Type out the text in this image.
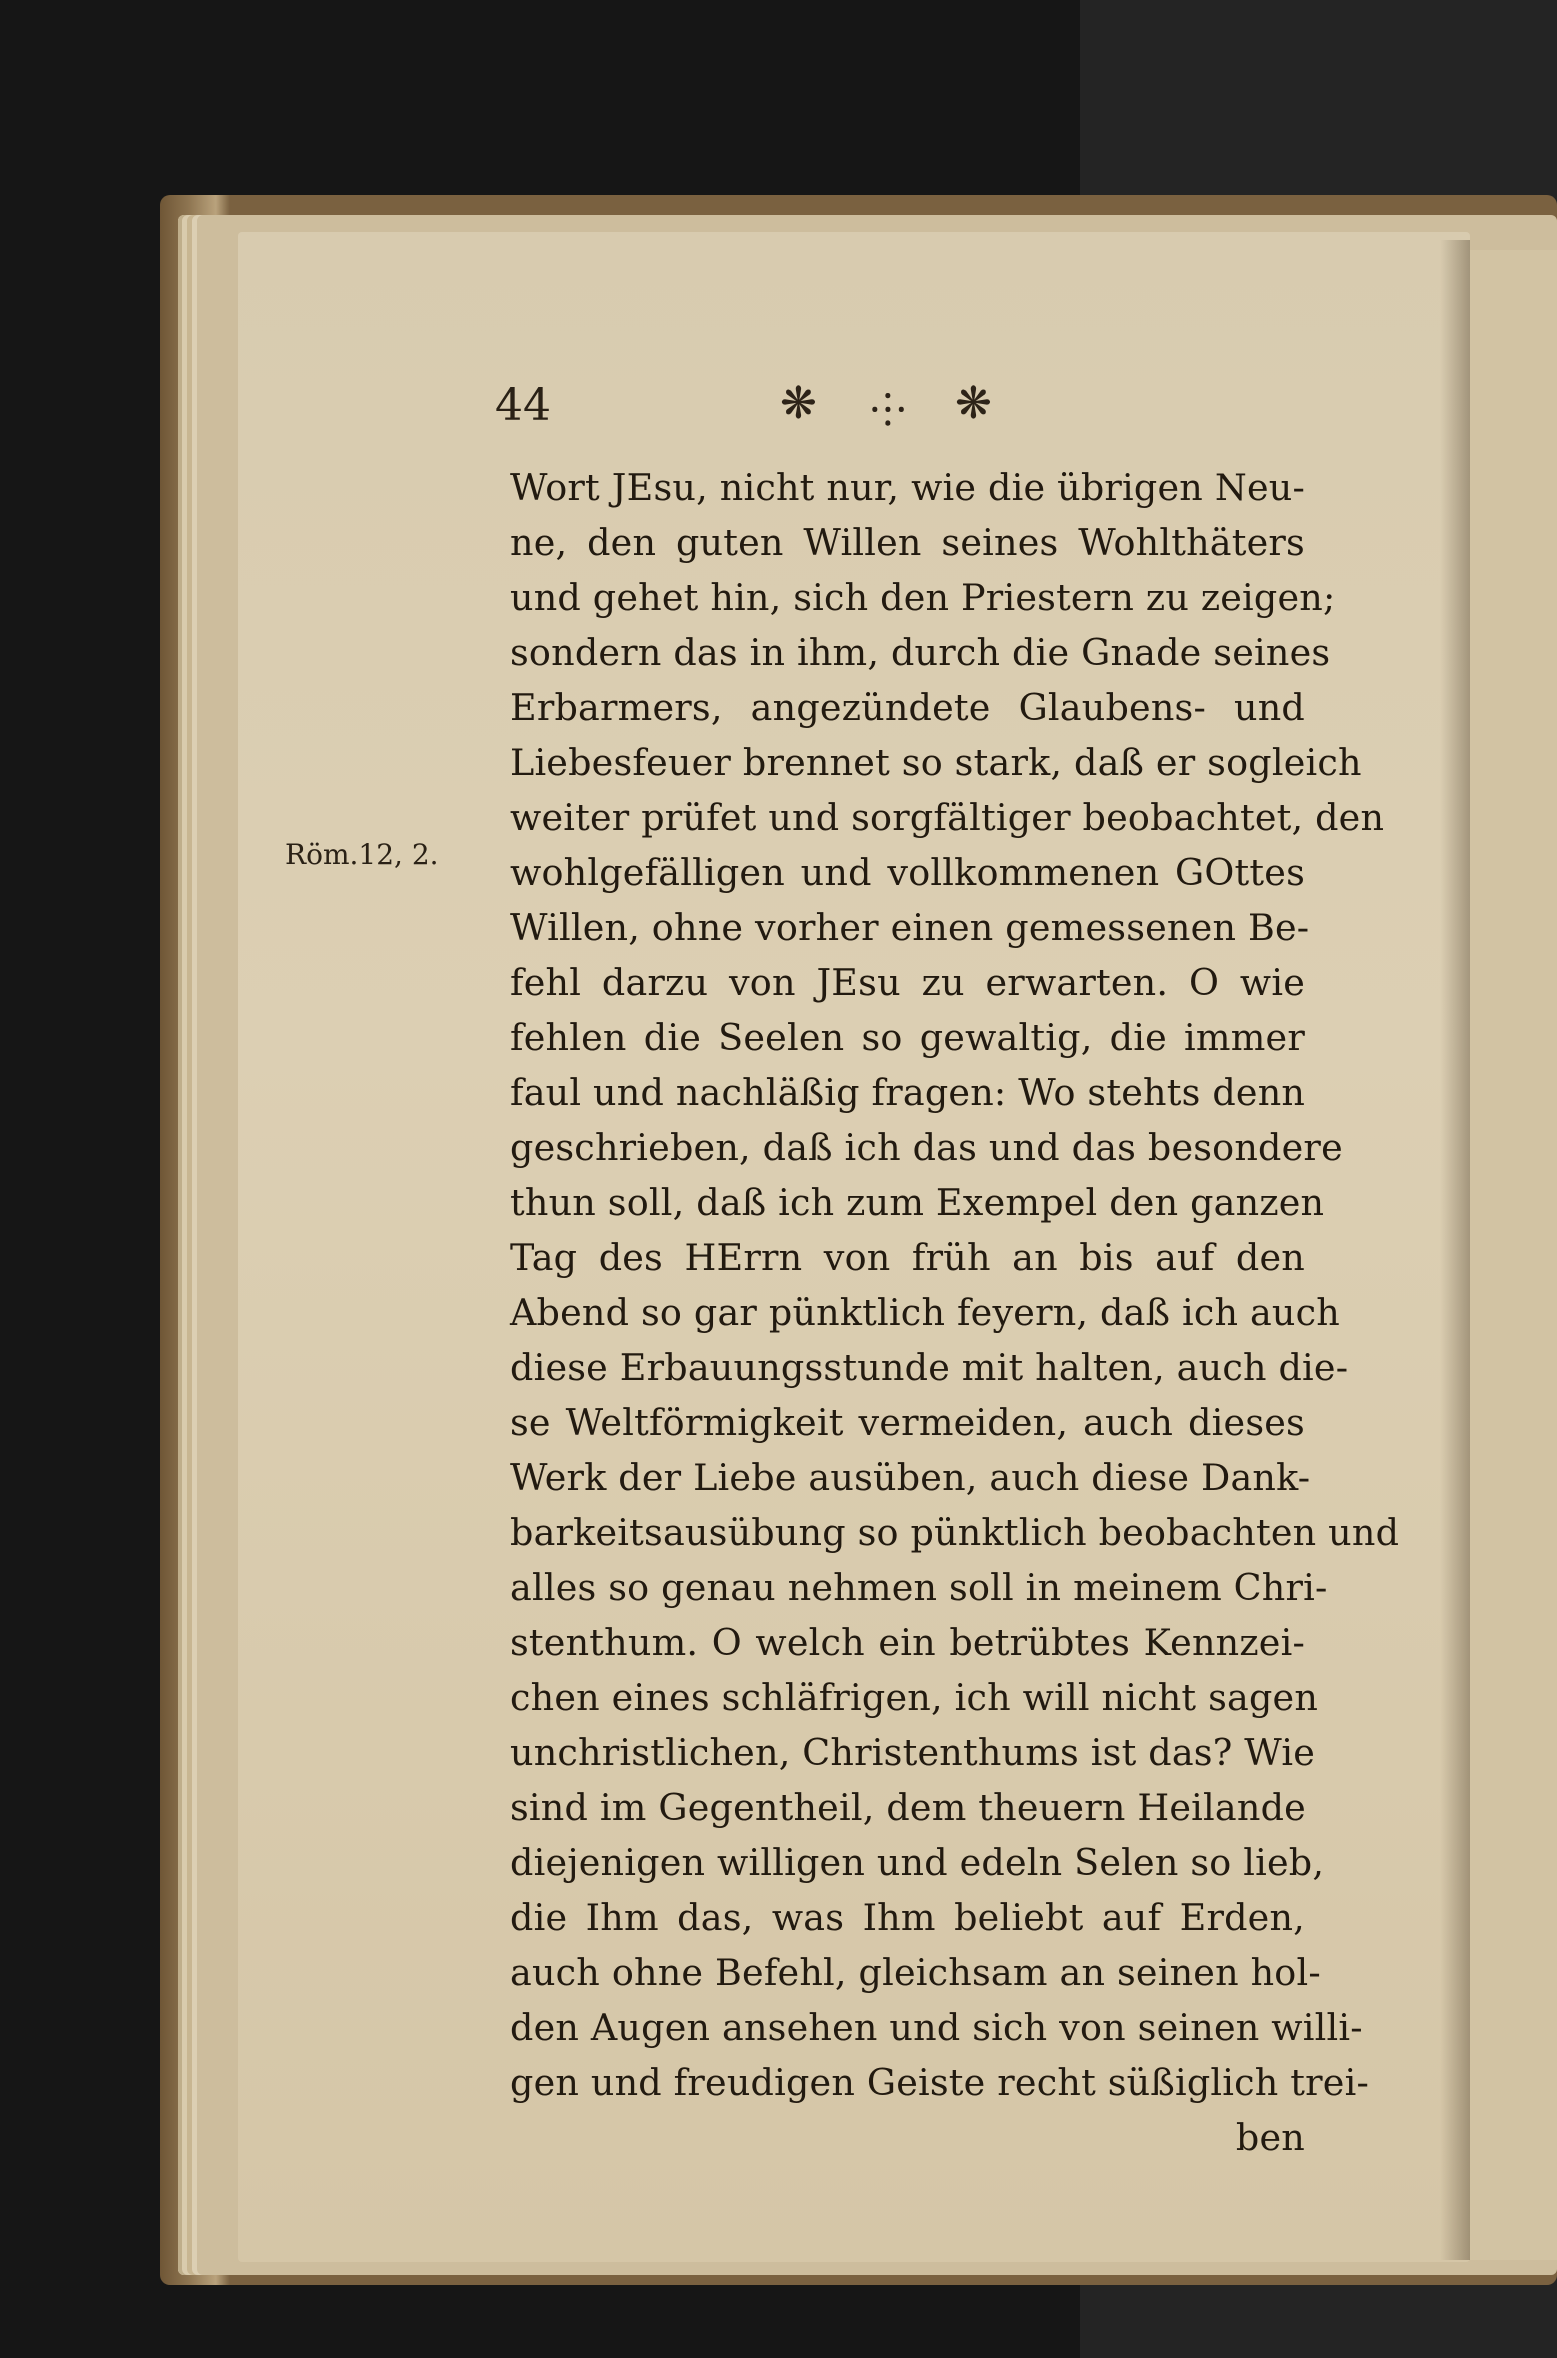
44	❋ ⸭ ❋
Röm.12, 2.
Wort JEsu, nicht nur, wie die übrigen Neu-
ne, den guten Willen seines Wohlthäters
und gehet hin, sich den Priestern zu zeigen;
sondern das in ihm, durch die Gnade seines
Erbarmers, angezündete Glaubens- und
Liebesfeuer brennet so stark, daß er sogleich
weiter prüfet und sorgfältiger beobachtet, den
wohlgefälligen und vollkommenen GOttes
Willen, ohne vorher einen gemessenen Be-
fehl darzu von JEsu zu erwarten. O wie
fehlen die Seelen so gewaltig, die immer
faul und nachläßig fragen: Wo stehts denn
geschrieben, daß ich das und das besondere
thun soll, daß ich zum Exempel den ganzen
Tag des HErrn von früh an bis auf den
Abend so gar pünktlich feyern, daß ich auch
diese Erbauungsstunde mit halten, auch die-
se Weltförmigkeit vermeiden, auch dieses
Werk der Liebe ausüben, auch diese Dank-
barkeitsausübung so pünktlich beobachten und
alles so genau nehmen soll in meinem Chri-
stenthum. O welch ein betrübtes Kennzei-
chen eines schläfrigen, ich will nicht sagen
unchristlichen, Christenthums ist das? Wie
sind im Gegentheil, dem theuern Heilande
diejenigen willigen und edeln Selen so lieb,
die Ihm das, was Ihm beliebt auf Erden,
auch ohne Befehl, gleichsam an seinen hol-
den Augen ansehen und sich von seinen willi-
gen und freudigen Geiste recht süßiglich trei-
ben
